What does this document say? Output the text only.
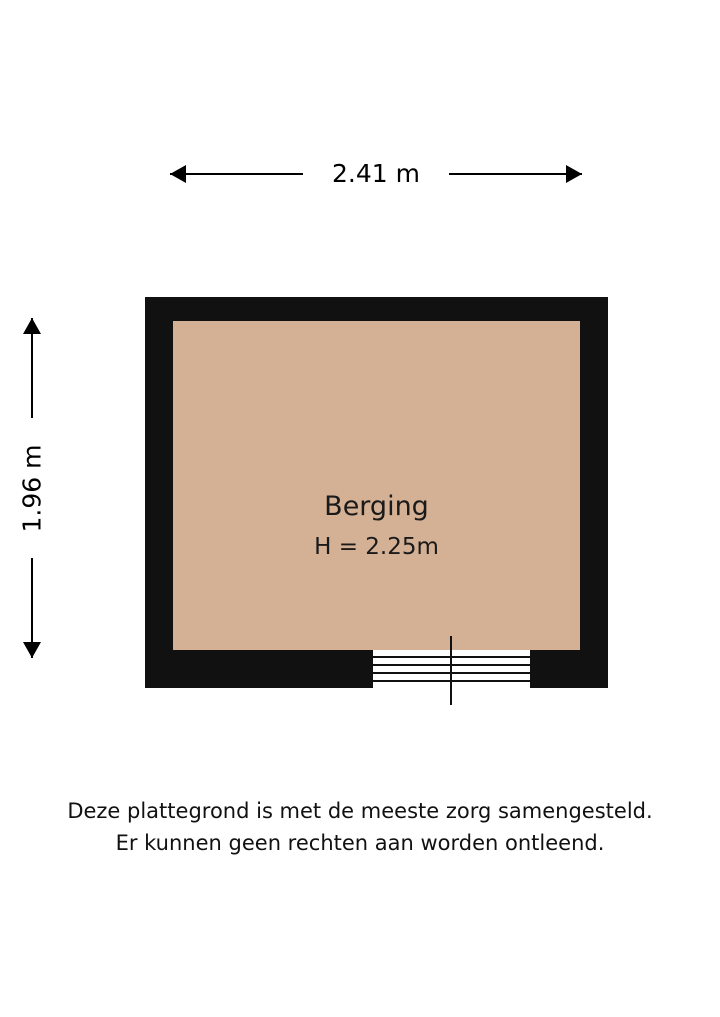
2.41 m
1.96 m	Berging
H = 2.25m
Deze plattegrond is met de meeste zorg samengesteld.
Er kunnen geen rechten aan worden ontleend.
